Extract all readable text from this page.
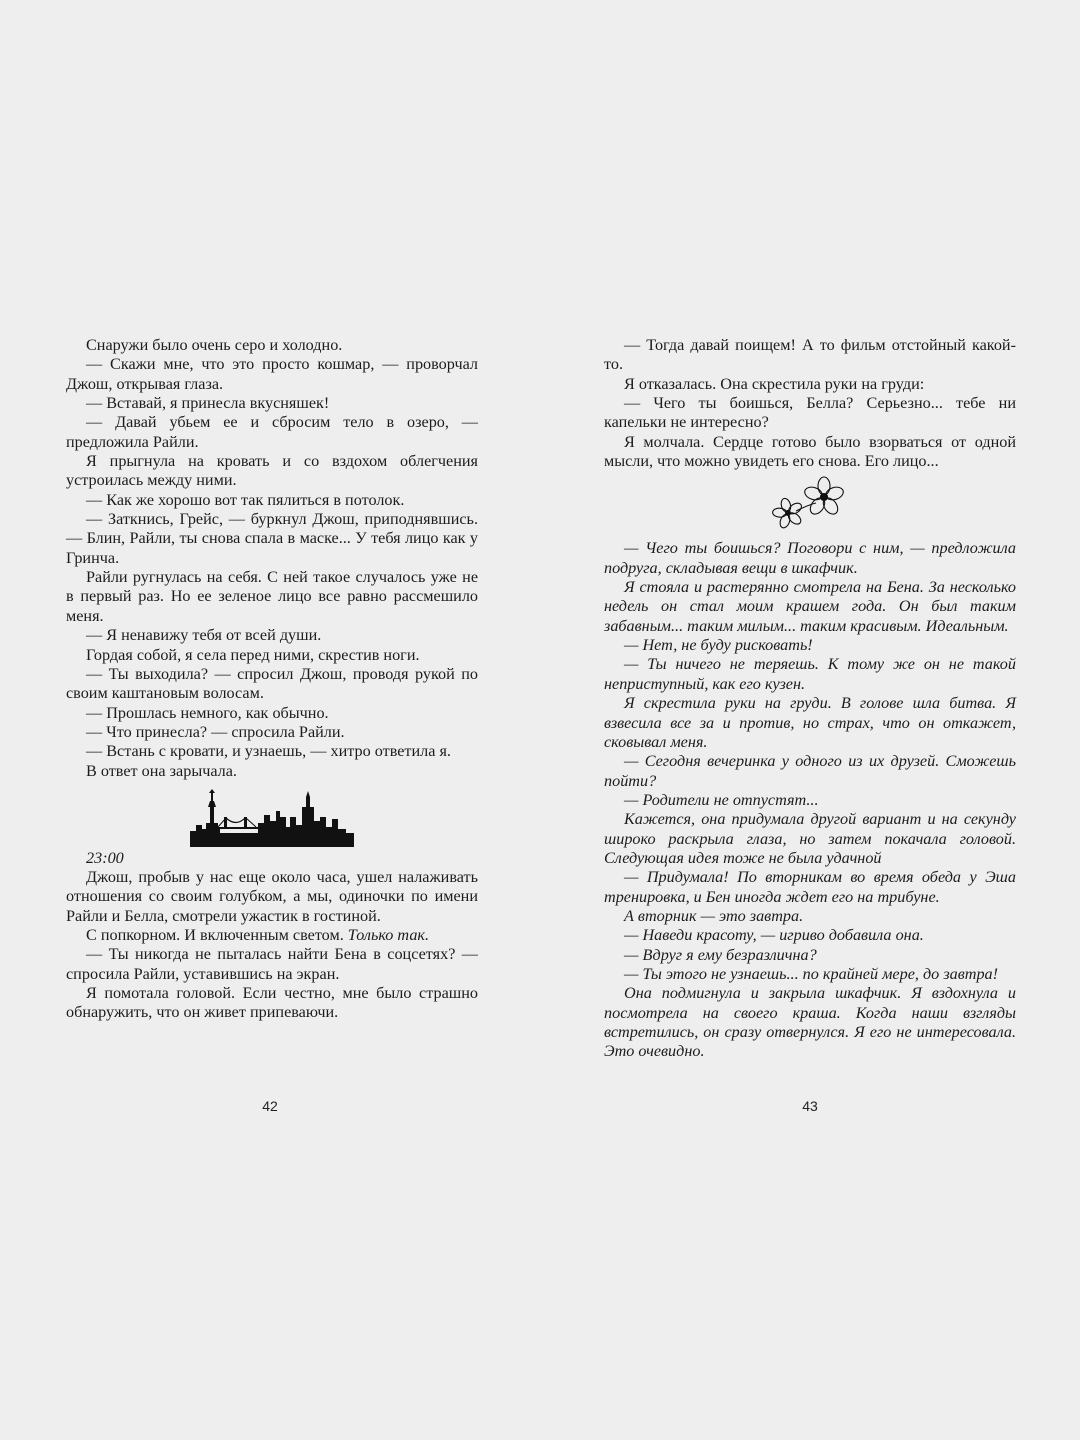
Снаружи было очень серо и холодно.

— Скажи мне, что это просто кошмар, — проворчал Джош, открывая глаза.

— Вставай, я принесла вкусняшек!

— Давай убьем ее и сбросим тело в озеро, — предложила Райли.

Я прыгнула на кровать и со вздохом облегчения устроилась между ними.

— Как же хорошо вот так пялиться в потолок.

— Заткнись, Грейс, — буркнул Джош, приподнявшись. — Блин, Райли, ты снова спала в маске... У тебя лицо как у Гринча.

Райли ругнулась на себя. С ней такое случалось уже не в первый раз. Но ее зеленое лицо все равно рассмешило меня.

— Я ненавижу тебя от всей души.

Гордая собой, я села перед ними, скрестив ноги.

— Ты выходила? — спросил Джош, проводя рукой по своим каштановым волосам.

— Прошлась немного, как обычно.

— Что принесла? — спросила Райли.

— Встань с кровати, и узнаешь, — хитро ответила я.

В ответ она зарычала.

23:00

Джош, пробыв у нас еще около часа, ушел налаживать отношения со своим голубком, а мы, одиночки по имени Райли и Белла, смотрели ужастик в гостиной.

С попкорном. И включенным светом. Только так.

— Ты никогда не пыталась найти Бена в соцсетях? — спросила Райли, уставившись на экран.

Я помотала головой. Если честно, мне было страшно обнаружить, что он живет припеваючи.

— Тогда давай поищем! А то фильм отстойный какой-то.

Я отказалась. Она скрестила руки на груди:

— Чего ты боишься, Белла? Серьезно... тебе ни капельки не интересно?

Я молчала. Сердце готово было взорваться от одной мысли, что можно увидеть его снова. Его лицо...

— Чего ты боишься? Поговори с ним, — предложила подруга, складывая вещи в шкафчик.

Я стояла и растерянно смотрела на Бена. За несколько недель он стал моим крашем года. Он был таким забавным... таким милым... таким красивым. Идеальным.

— Нет, не буду рисковать!

— Ты ничего не теряешь. К тому же он не такой неприступный, как его кузен.

Я скрестила руки на груди. В голове шла битва. Я взвесила все за и против, но страх, что он откажет, сковывал меня.

— Сегодня вечеринка у одного из их друзей. Сможешь пойти?

— Родители не отпустят...

Кажется, она придумала другой вариант и на секунду широко раскрыла глаза, но затем покачала головой. Следующая идея тоже не была удачной

— Придумала! По вторникам во время обеда у Эша тренировка, и Бен иногда ждет его на трибуне.

А вторник — это завтра.

— Наведи красоту, — игриво добавила она.

— Вдруг я ему безразлична?

— Ты этого не узнаешь... по крайней мере, до завтра!

Она подмигнула и закрыла шкафчик. Я вздохнула и посмотрела на своего краша. Когда наши взгляды встретились, он сразу отвернулся. Я его не интересовала. Это очевидно.

42	43
